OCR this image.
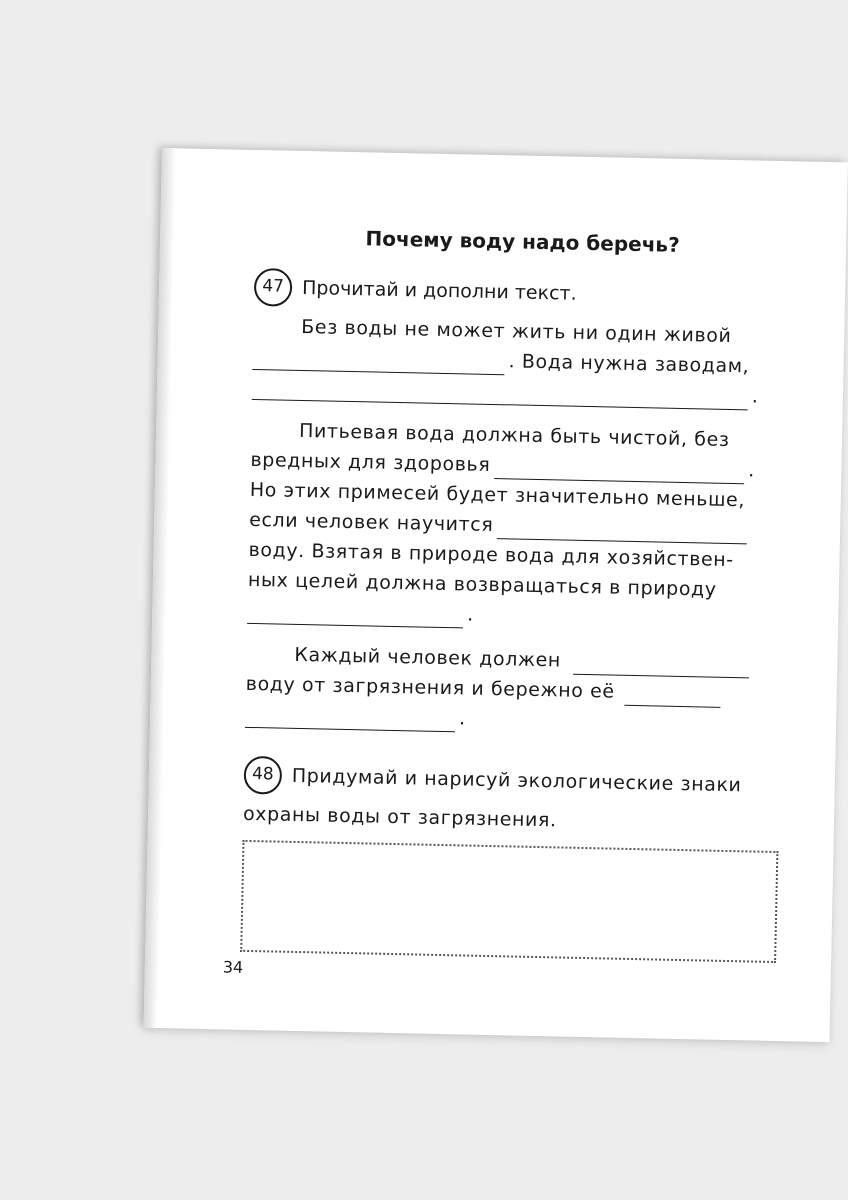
Почему воду надо беречь?
47 Прочитай и дополни текст.
Без воды не может жить ни один живой
. Вода нужна заводам,
.
Питьевая вода должна быть чистой, без
вредных для здоровья	.
Но этих примесей будет значительно меньше,
если человек научится
воду. Взятая в природе вода для хозяйствен-
ных целей должна возвращаться в природу
.
Каждый человек должен
воду от загрязнения и бережно её
.
48 Придумай и нарисуй экологические знаки
охраны воды от загрязнения.
34
